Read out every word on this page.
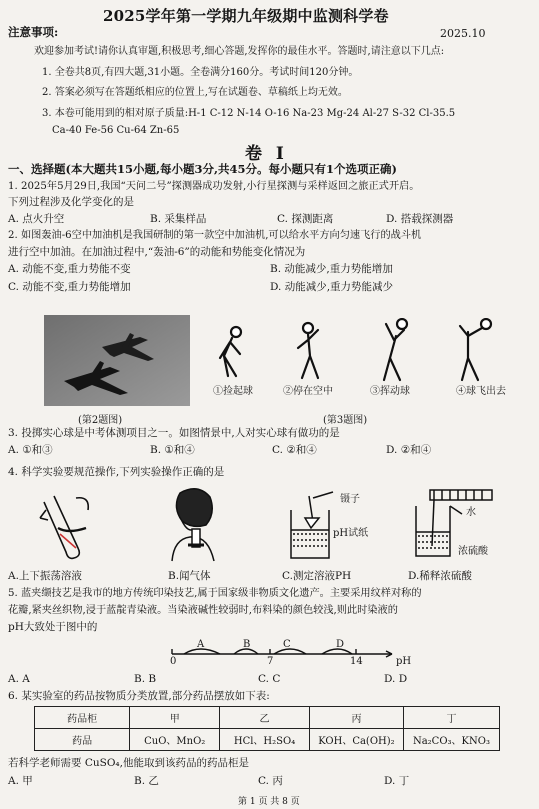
2025学年第一学期九年级期中监测科学卷
注意事项:	2025.10
欢迎参加考试!请你认真审题,积极思考,细心答题,发挥你的最佳水平。答题时,请注意以下几点:
1. 全卷共8页,有四大题,31小题。全卷满分160分。考试时间120分钟。
2. 答案必须写在答题纸相应的位置上,写在试题卷、草稿纸上均无效。
3. 本卷可能用到的相对原子质量:H-1 C-12 N-14 O-16 Na-23 Mg-24 Al-27 S-32 Cl-35.5
Ca-40 Fe-56 Cu-64 Zn-65
卷 I
一、选择题(本大题共15小题,每小题3分,共45分。每小题只有1个选项正确)
1. 2025年5月29日,我国“天问二号”探测器成功发射,小行星探测与采样返回之旅正式开启。
下列过程涉及化学变化的是
A. 点火升空	B. 采集样品	C. 探测距离	D. 搭载探测器
2. 如图轰油-6空中加油机是我国研制的第一款空中加油机,可以给水平方向匀速飞行的战斗机
进行空中加油。在加油过程中,“轰油-6”的动能和势能变化情况为
A. 动能不变,重力势能不变	B. 动能减少,重力势能增加
C. 动能不变,重力势能增加	D. 动能减少,重力势能减少
①捡起球	②停在空中	③挥动球	④球飞出去
(第2题图)	(第3题图)
3. 投掷实心球是中考体测项目之一。如图情景中,人对实心球有做功的是
A. ①和③	B. ①和④	C. ②和④	D. ②和④
4. 科学实验要规范操作,下列实验操作正确的是
镊子
pH试纸
水
浓硫酸
A.上下振荡溶液	B.闻气体	C.测定溶液PH	D.稀释浓硫酸
5. 蓝夹缬技艺是我市的地方传统印染技艺,属于国家级非物质文化遗产。主要采用纹样对称的
花瓣,紧夹丝织物,浸于蓝靛青染液。当染液碱性较弱时,布料染的颜色较浅,则此时染液的
pH大致处于图中的
A	B	C	D
0	7	14	pH
A. A	B. B	C. C	D. D
6. 某实验室的药品按物质分类放置,部分药品摆放如下表:
药品柜	甲	乙	丙	丁
药品	CuO、MnO₂	HCl、H₂SO₄	KOH、Ca(OH)₂	Na₂CO₃、KNO₃
若科学老师需要 CuSO₄,他能取到该药品的药品柜是
A. 甲	B. 乙	C. 丙	D. 丁
第 1 页 共 8 页
